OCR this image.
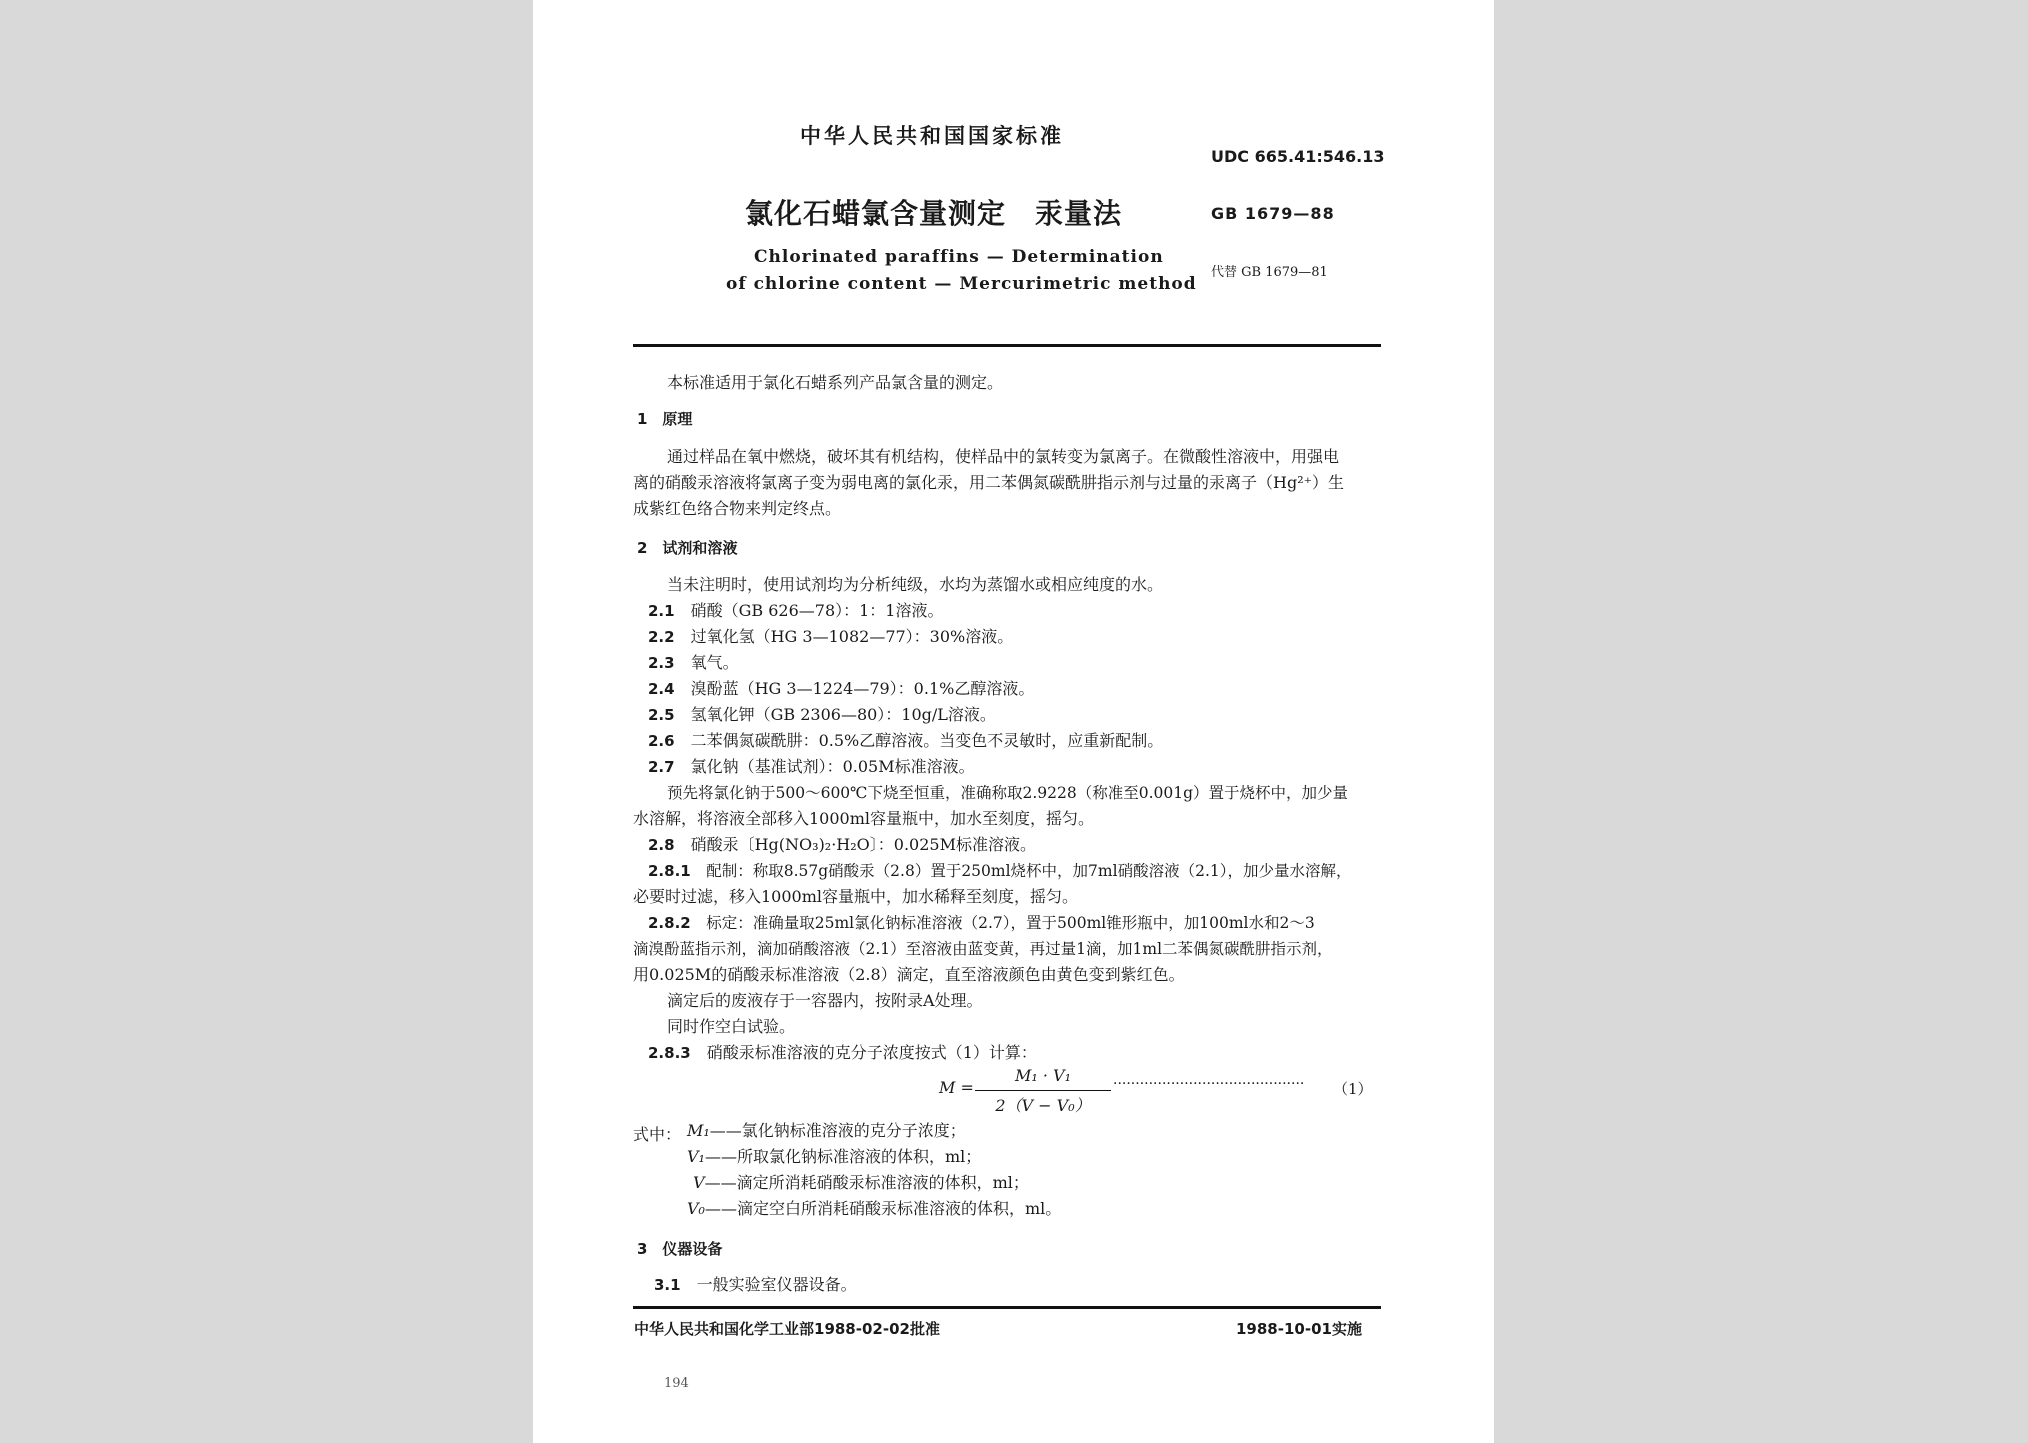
中华人民共和国国家标准
UDC 665.41:546.13
氯化石蜡氯含量测定　汞量法	GB 1679—88
Chlorinated paraffins — Determination
代替 GB 1679—81
of chlorine content — Mercurimetric method
本标准适用于氯化石蜡系列产品氯含量的测定。
1　原理
通过样品在氧中燃烧，破坏其有机结构，使样品中的氯转变为氯离子。在微酸性溶液中，用强电
离的硝酸汞溶液将氯离子变为弱电离的氯化汞，用二苯偶氮碳酰肼指示剂与过量的汞离子（Hg²⁺）生
成紫红色络合物来判定终点。
2　试剂和溶液
当未注明时，使用试剂均为分析纯级，水均为蒸馏水或相应纯度的水。
2.1　 硝酸（GB 626—78）：1：1溶液。
2.2　 过氧化氢（HG 3—1082—77）：30%溶液。
2.3　 氧气。
2.4　 溴酚蓝（HG 3—1224—79）：0.1%乙醇溶液。
2.5　 氢氧化钾（GB 2306—80）：10g/L溶液。
2.6　 二苯偶氮碳酰肼：0.5%乙醇溶液。当变色不灵敏时，应重新配制。
2.7　 氯化钠（基准试剂）：0.05M标准溶液。
预先将氯化钠于500～600℃下烧至恒重，准确称取2.9228（称准至0.001g）置于烧杯中，加少量
水溶解，将溶液全部移入1000ml容量瓶中，加水至刻度，摇匀。
2.8　 硝酸汞〔Hg(NO₃)₂·H₂O〕：0.025M标准溶液。
2.8.1　 配制：称取8.57g硝酸汞（2.8）置于250ml烧杯中，加7ml硝酸溶液（2.1），加少量水溶解，
必要时过滤，移入1000ml容量瓶中，加水稀释至刻度，摇匀。
2.8.2　 标定：准确量取25ml氯化钠标准溶液（2.7），置于500ml锥形瓶中，加100ml水和2～3
滴溴酚蓝指示剂，滴加硝酸溶液（2.1）至溶液由蓝变黄，再过量1滴，加1ml二苯偶氮碳酰肼指示剂，
用0.025M的硝酸汞标准溶液（2.8）滴定，直至溶液颜色由黄色变到紫红色。
滴定后的废液存于一容器内，按附录A处理。
同时作空白试验。
2.8.3　 硝酸汞标准溶液的克分子浓度按式（1）计算：
M =
M₁ · V₁
2（V − V₀）
··········································· （1）
式中： M₁——氯化钠标准溶液的克分子浓度；
V₁——所取氯化钠标准溶液的体积，ml；
V——滴定所消耗硝酸汞标准溶液的体积，ml；
V₀——滴定空白所消耗硝酸汞标准溶液的体积，ml。
3　仪器设备
3.1　 一般实验室仪器设备。
中华人民共和国化学工业部1988-02-02批准	1988-10-01实施
194
